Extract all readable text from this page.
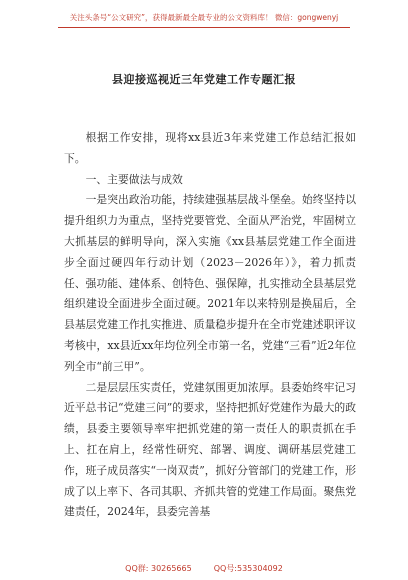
关注头条号“公文研究”，获得最新最全最专业的公文资料库！ 微信：gongwenyj
县迎接巡视近三年党建工作专题汇报

根据工作安排，现将xx县近3年来党建工作总结汇报如下。

一、主要做法与成效

一是突出政治功能，持续建强基层战斗堡垒。始终坚持以提升组织力为重点，坚持党要管党、全面从严治党，牢固树立大抓基层的鲜明导向，深入实施《xx县基层党建工作全面进步全面过硬四年行动计划（2023－2026年）》，着力抓责任、强功能、建体系、创特色、强保障，扎实推动全县基层党组织建设全面进步全面过硬。2021年以来特别是换届后，全县基层党建工作扎实推进、质量稳步提升在全市党建述职评议考核中，xx县近xx年均位列全市第一名，党建“三看”近2年位列全市“前三甲”。

二是层层压实责任，党建氛围更加浓厚。县委始终牢记习近平总书记“党建三问”的要求，坚持把抓好党建作为最大的政绩，县委主要领导率牢把抓党建的第一责任人的职责抓在手上、扛在肩上，经常性研究、部署、调度、调研基层党建工作，班子成员落实“一岗双责”，抓好分管部门的党建工作，形成了以上率下、各司其职、齐抓共管的党建工作局面。聚焦党建责任，2024年，县委完善基

QQ群: 30265665	QQ号:535304092
